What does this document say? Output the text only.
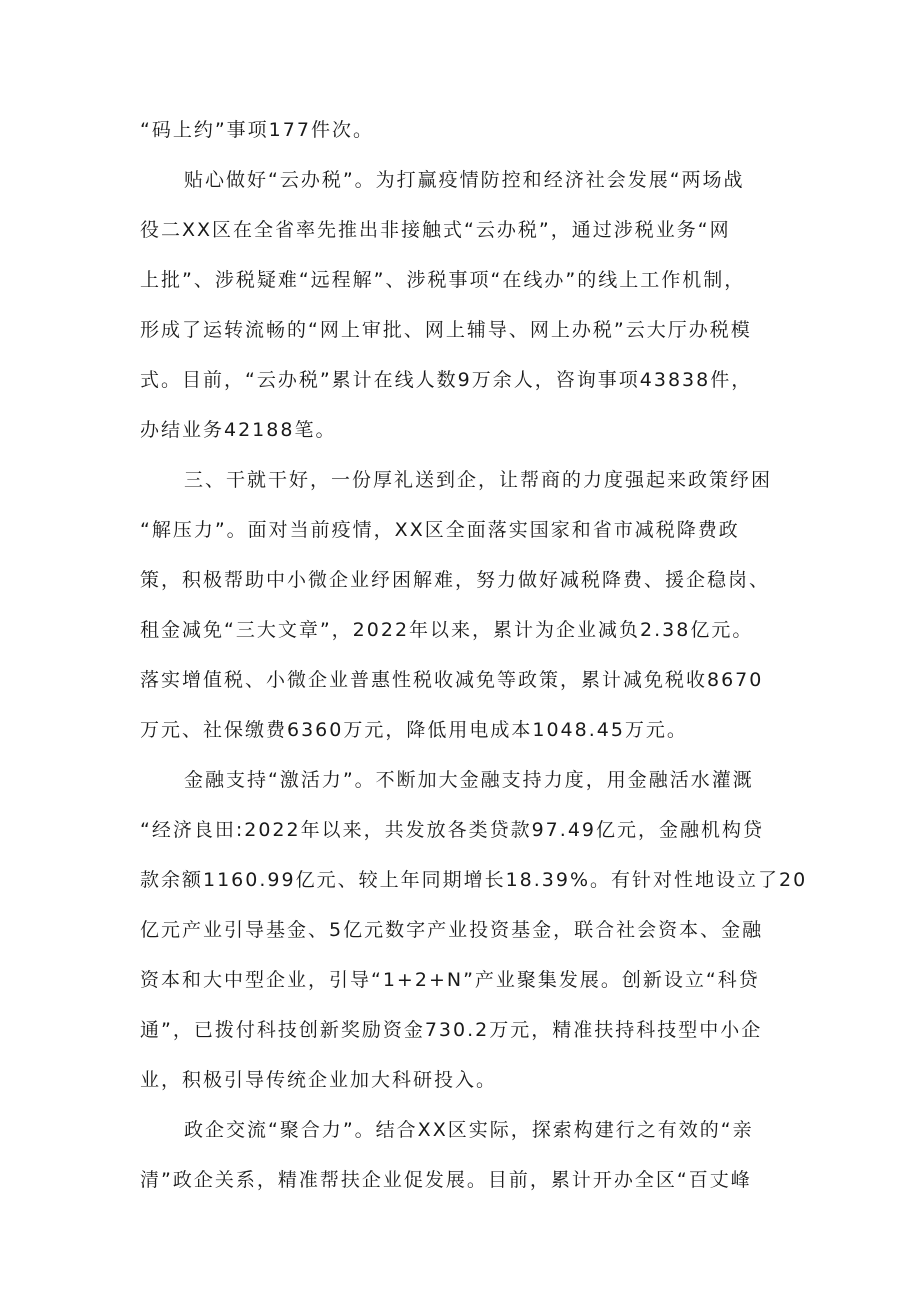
“码上约”事项177件次。
贴心做好“云办税”。为打赢疫情防控和经济社会发展“两场战
役二XX区在全省率先推出非接触式“云办税”，通过涉税业务“网
上批”、涉税疑难“远程解”、涉税事项“在线办”的线上工作机制，
形成了运转流畅的“网上审批、网上辅导、网上办税”云大厅办税模
式。目前，“云办税”累计在线人数9万余人，咨询事项43838件，
办结业务42188笔。
三、干就干好，一份厚礼送到企，让帮商的力度强起来政策纾困
“解压力”。面对当前疫情，XX区全面落实国家和省市减税降费政
策，积极帮助中小微企业纾困解难，努力做好减税降费、援企稳岗、
租金减免“三大文章”，2022年以来，累计为企业减负2.38亿元。
落实增值税、小微企业普惠性税收减免等政策，累计减免税收8670
万元、社保缴费6360万元，降低用电成本1048.45万元。
金融支持“激活力”。不断加大金融支持力度，用金融活水灌溉
“经济良田:2022年以来，共发放各类贷款97.49亿元，金融机构贷
款余额1160.99亿元、较上年同期增长18.39%。有针对性地设立了20
亿元产业引导基金、5亿元数字产业投资基金，联合社会资本、金融
资本和大中型企业，引导“1+2+N”产业聚集发展。创新设立“科贷
通”，已拨付科技创新奖励资金730.2万元，精准扶持科技型中小企
业，积极引导传统企业加大科研投入。
政企交流“聚合力”。结合XX区实际，探索构建行之有效的“亲
清”政企关系，精准帮扶企业促发展。目前，累计开办全区“百丈峰
